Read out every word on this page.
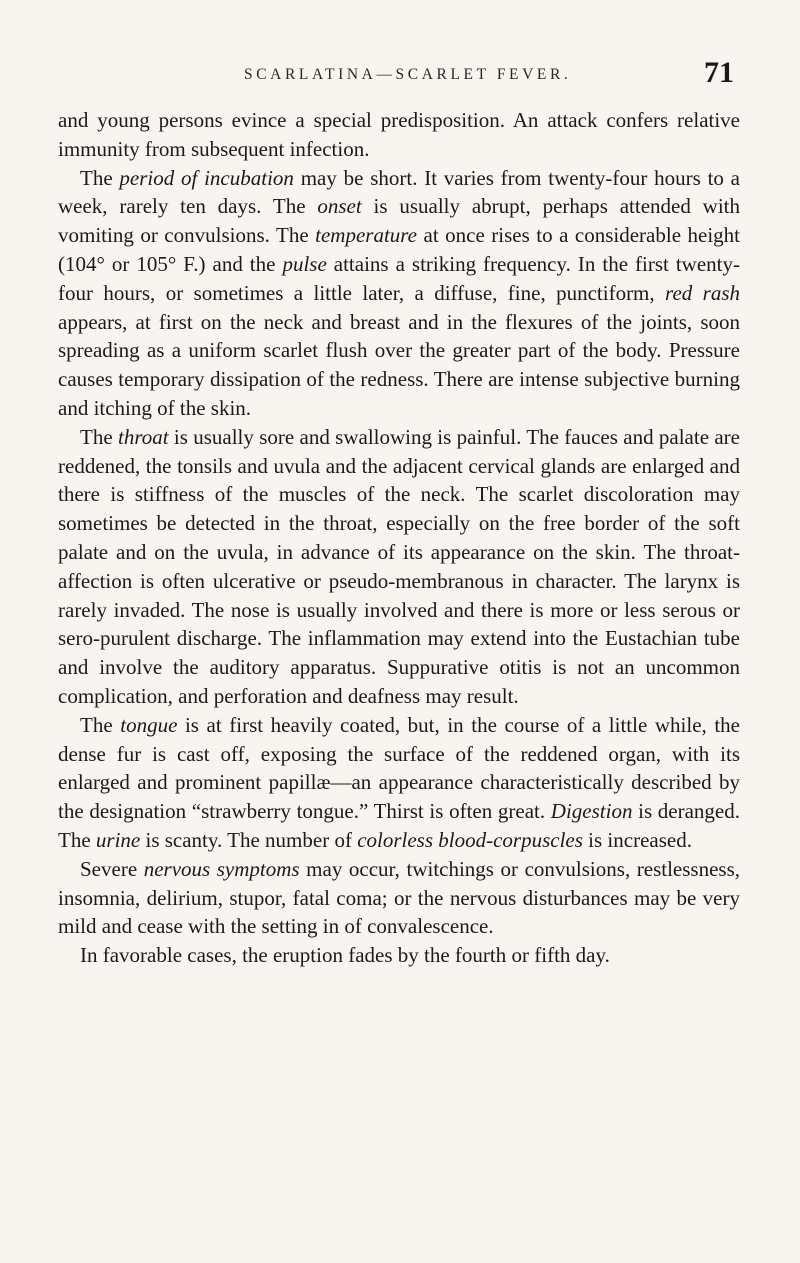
SCARLATINA—SCARLET FEVER.	71

and young persons evince a special predisposition. An attack confers relative immunity from subsequent infection.

The period of incubation may be short. It varies from twenty-four hours to a week, rarely ten days. The onset is usually abrupt, perhaps attended with vomiting or convulsions. The temperature at once rises to a considerable height (104° or 105° F.) and the pulse attains a striking frequency. In the first twenty-four hours, or sometimes a little later, a diffuse, fine, punctiform, red rash appears, at first on the neck and breast and in the flexures of the joints, soon spreading as a uniform scarlet flush over the greater part of the body. Pressure causes temporary dissipation of the redness. There are intense subjective burning and itching of the skin.

The throat is usually sore and swallowing is painful. The fauces and palate are reddened, the tonsils and uvula and the adjacent cervical glands are enlarged and there is stiffness of the muscles of the neck. The scarlet discoloration may sometimes be detected in the throat, especially on the free border of the soft palate and on the uvula, in advance of its appearance on the skin. The throat-affection is often ulcerative or pseudo-membranous in character. The larynx is rarely invaded. The nose is usually involved and there is more or less serous or sero-purulent discharge. The inflammation may extend into the Eustachian tube and involve the auditory apparatus. Suppurative otitis is not an uncommon complication, and perforation and deafness may result.

The tongue is at first heavily coated, but, in the course of a little while, the dense fur is cast off, exposing the surface of the reddened organ, with its enlarged and prominent papillæ—an appearance characteristically described by the designation “strawberry tongue.” Thirst is often great. Digestion is deranged. The urine is scanty. The number of colorless blood-corpuscles is increased.

Severe nervous symptoms may occur, twitchings or convulsions, restlessness, insomnia, delirium, stupor, fatal coma; or the nervous disturbances may be very mild and cease with the setting in of convalescence.

In favorable cases, the eruption fades by the fourth or fifth day.
